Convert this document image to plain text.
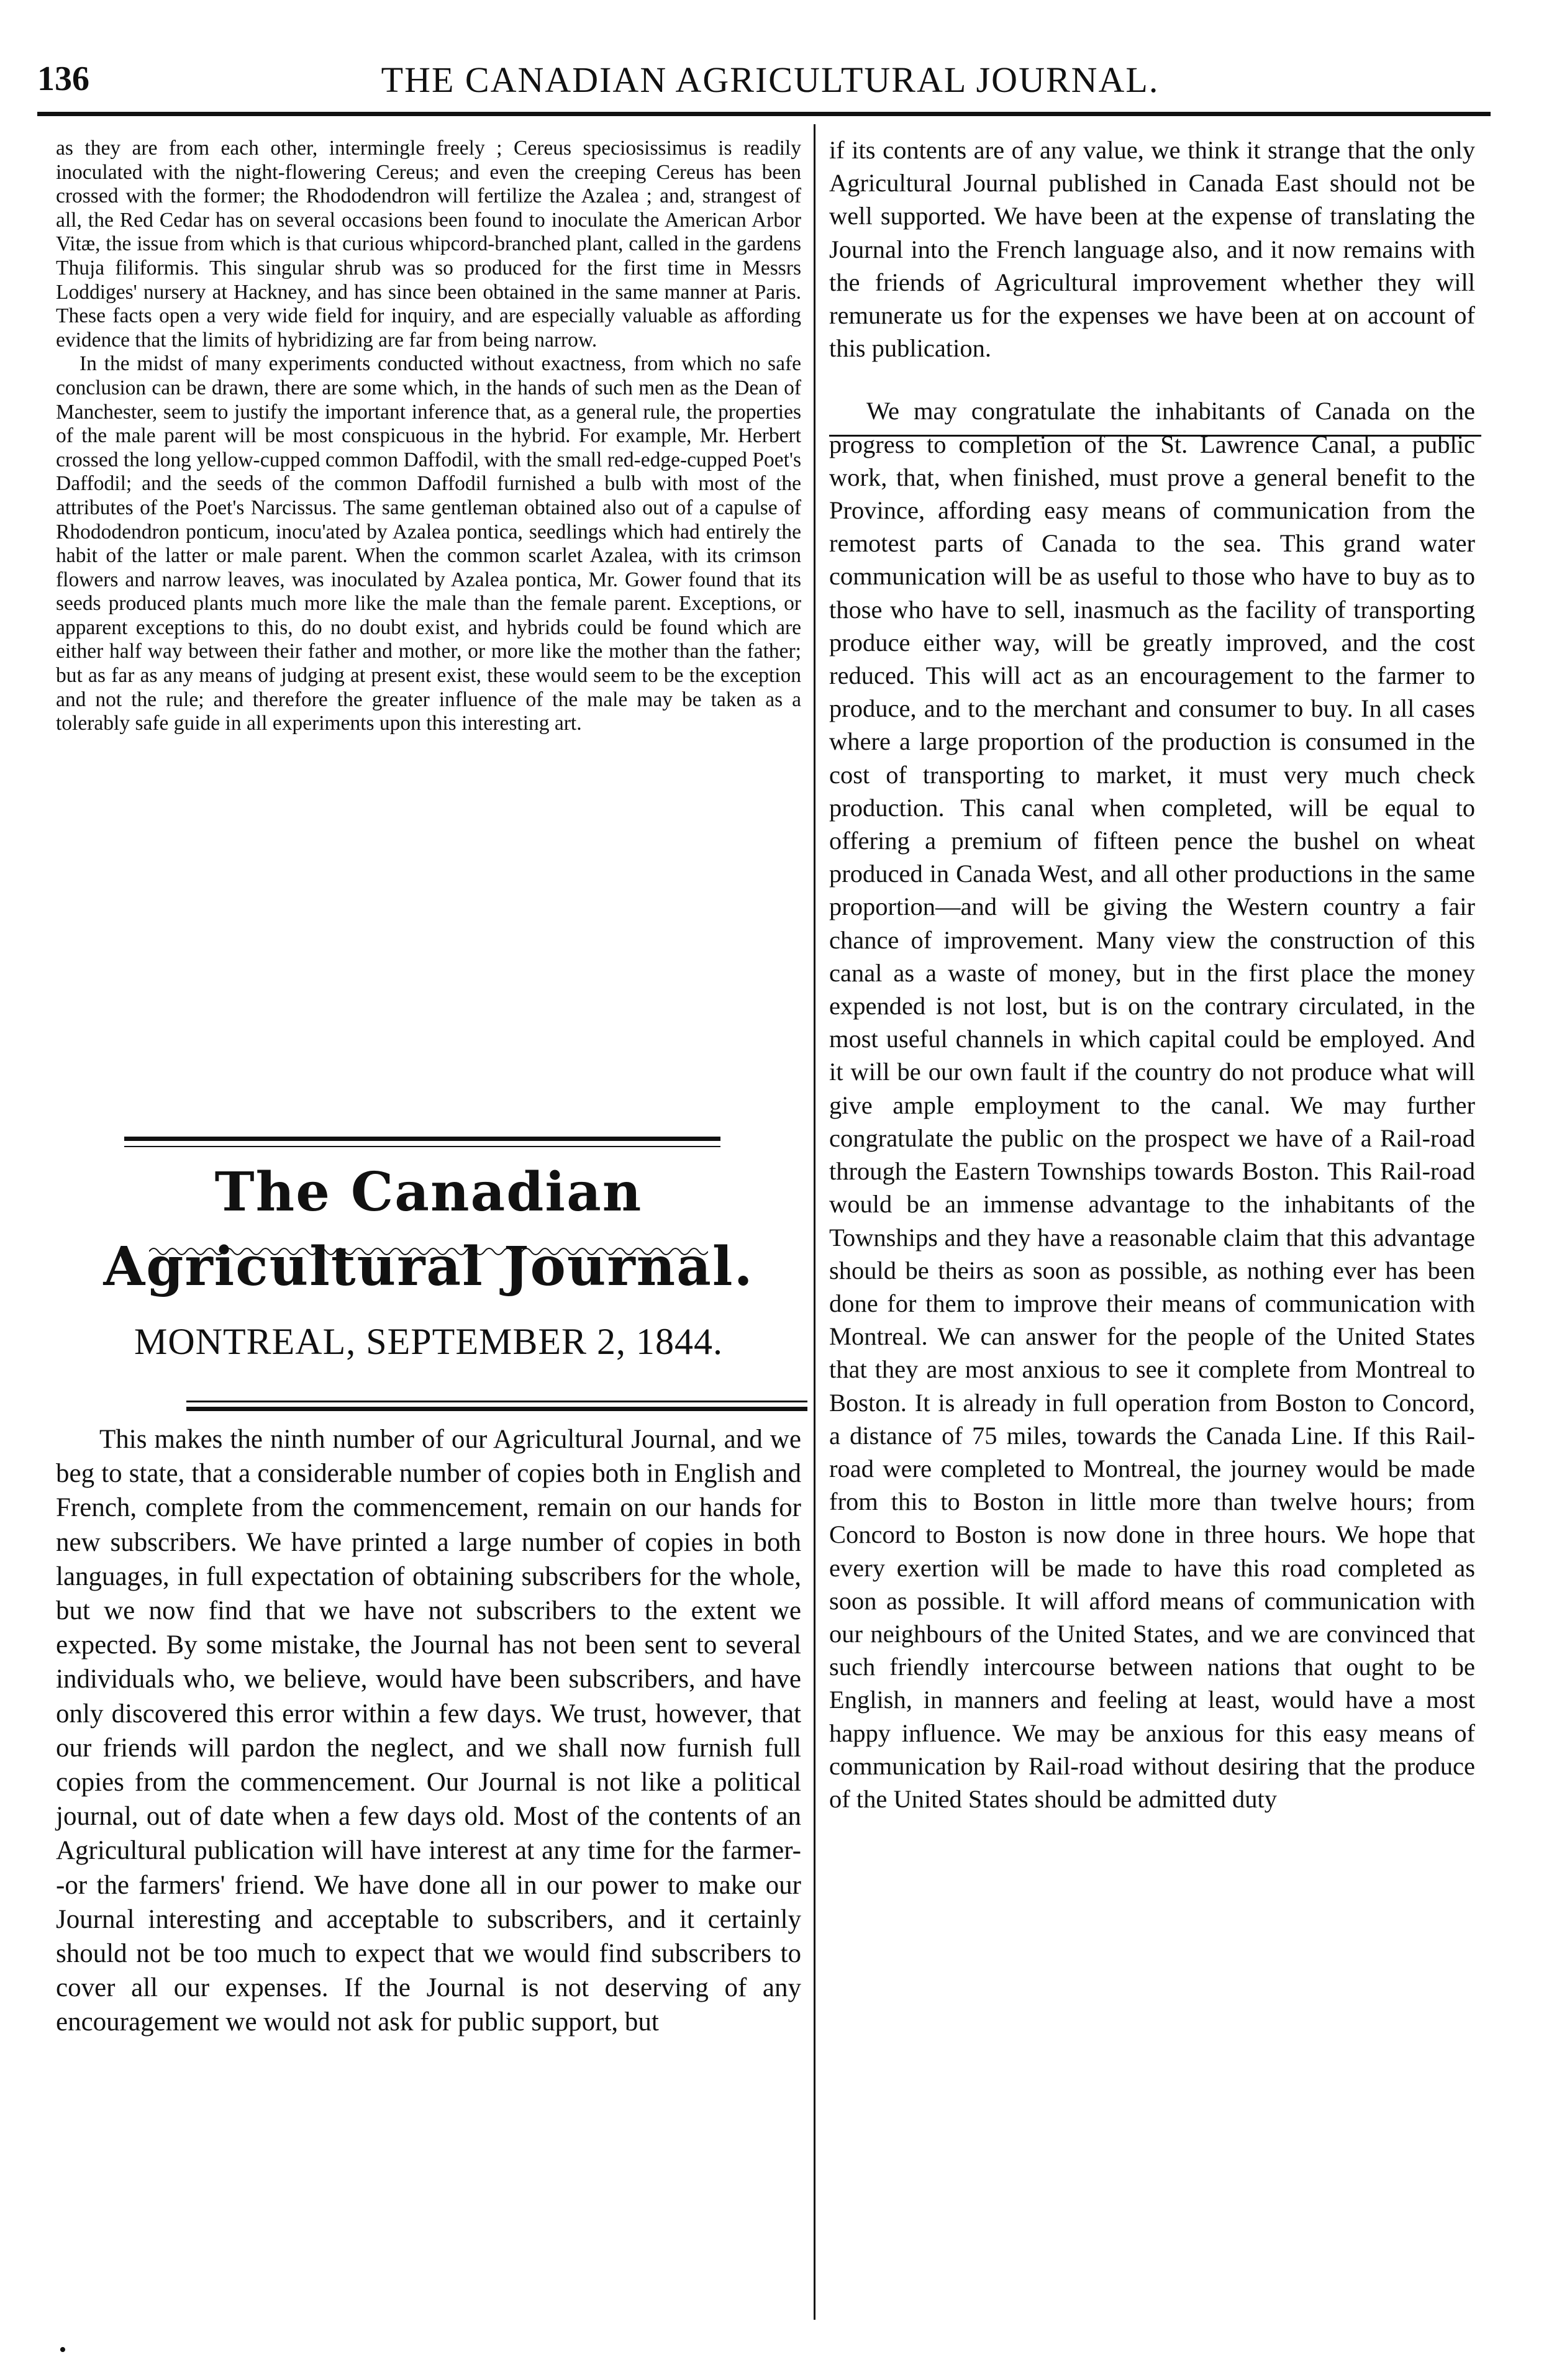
THE CANADIAN AGRICULTURAL JOURNAL.
136

as they are from each other, intermingle freely ; Cereus speciosissimus is readily inoculated with the night-flowering Cereus; and even the creeping Cereus has been crossed with the former; the Rhododendron will fertilize the Azalea ; and, strangest of all, the Red Cedar has on several occasions been found to inoculate the American Arbor Vitæ, the issue from which is that curious whipcord-branched plant, called in the gardens Thuja filiformis. This singular shrub was so produced for the first time in Messrs Loddiges' nursery at Hackney, and has since been obtained in the same manner at Paris. These facts open a very wide field for inquiry, and are especially valuable as affording evidence that the limits of hybridizing are far from being narrow.

In the midst of many experiments conducted without exactness, from which no safe conclusion can be drawn, there are some which, in the hands of such men as the Dean of Manchester, seem to justify the important inference that, as a general rule, the properties of the male parent will be most conspicuous in the hybrid. For example, Mr. Herbert crossed the long yellow-cupped common Daffodil, with the small red-edge-cupped Poet's Daffodil; and the seeds of the common Daffodil furnished a bulb with most of the attributes of the Poet's Narcissus. The same gentleman obtained also out of a capulse of Rhododendron ponticum, inocu'ated by Azalea pontica, seedlings which had entirely the habit of the latter or male parent. When the common scarlet Azalea, with its crimson flowers and narrow leaves, was inoculated by Azalea pontica, Mr. Gower found that its seeds produced plants much more like the male than the female parent. Exceptions, or apparent exceptions to this, do no doubt exist, and hybrids could be found which are either half way between their father and mother, or more like the mother than the father; but as far as any means of judging at present exist, these would seem to be the exception and not the rule; and therefore the greater influence of the male may be taken as a tolerably safe guide in all experiments upon this interesting art.

The Canadian Agricultural Journal.
MONTREAL, SEPTEMBER 2, 1844.

This makes the ninth number of our Agricultural Journal, and we beg to state, that a considerable number of copies both in English and French, complete from the commencement, remain on our hands for new subscribers. We have printed a large number of copies in both languages, in full expectation of obtaining subscribers for the whole, but we now find that we have not subscribers to the extent we expected. By some mistake, the Journal has not been sent to several individuals who, we believe, would have been subscribers, and have only discovered this error within a few days. We trust, however, that our friends will pardon the neglect, and we shall now furnish full copies from the commencement. Our Journal is not like a political journal, out of date when a few days old. Most of the contents of an Agricultural publication will have interest at any time for the farmer--or the farmers' friend. We have done all in our power to make our Journal interesting and acceptable to subscribers, and it certainly should not be too much to expect that we would find subscribers to cover all our expenses. If the Journal is not deserving of any encouragement we would not ask for public support, but

if its contents are of any value, we think it strange that the only Agricultural Journal published in Canada East should not be well supported. We have been at the expense of translating the Journal into the French language also, and it now remains with the friends of Agricultural improvement whether they will remunerate us for the expenses we have been at on account of this publication.

We may congratulate the inhabitants of Canada on the progress to completion of the St. Lawrence Canal, a public work, that, when finished, must prove a general benefit to the Province, affording easy means of communication from the remotest parts of Canada to the sea. This grand water communication will be as useful to those who have to buy as to those who have to sell, inasmuch as the facility of transporting produce either way, will be greatly improved, and the cost reduced. This will act as an encouragement to the farmer to produce, and to the merchant and consumer to buy. In all cases where a large proportion of the production is consumed in the cost of transporting to market, it must very much check production. This canal when completed, will be equal to offering a premium of fifteen pence the bushel on wheat produced in Canada West, and all other productions in the same proportion—and will be giving the Western country a fair chance of improvement. Many view the construction of this canal as a waste of money, but in the first place the money expended is not lost, but is on the contrary circulated, in the most useful channels in which capital could be employed. And it will be our own fault if the country do not produce what will give ample employment to the canal. We may further congratulate the public on the prospect we have of a Rail-road through the Eastern Townships towards Boston. This Rail-road would be an immense advantage to the inhabitants of the Townships and they have a reasonable claim that this advantage should be theirs as soon as possible, as nothing ever has been done for them to improve their means of communication with Montreal. We can answer for the people of the United States that they are most anxious to see it complete from Montreal to Boston. It is already in full operation from Boston to Concord, a distance of 75 miles, towards the Canada Line. If this Rail-road were completed to Montreal, the journey would be made from this to Boston in little more than twelve hours; from Concord to Boston is now done in three hours. We hope that every exertion will be made to have this road completed as soon as possible. It will afford means of communication with our neighbours of the United States, and we are convinced that such friendly intercourse between nations that ought to be English, in manners and feeling at least, would have a most happy influence. We may be anxious for this easy means of communication by Rail-road without desiring that the produce of the United States should be admitted duty

•
